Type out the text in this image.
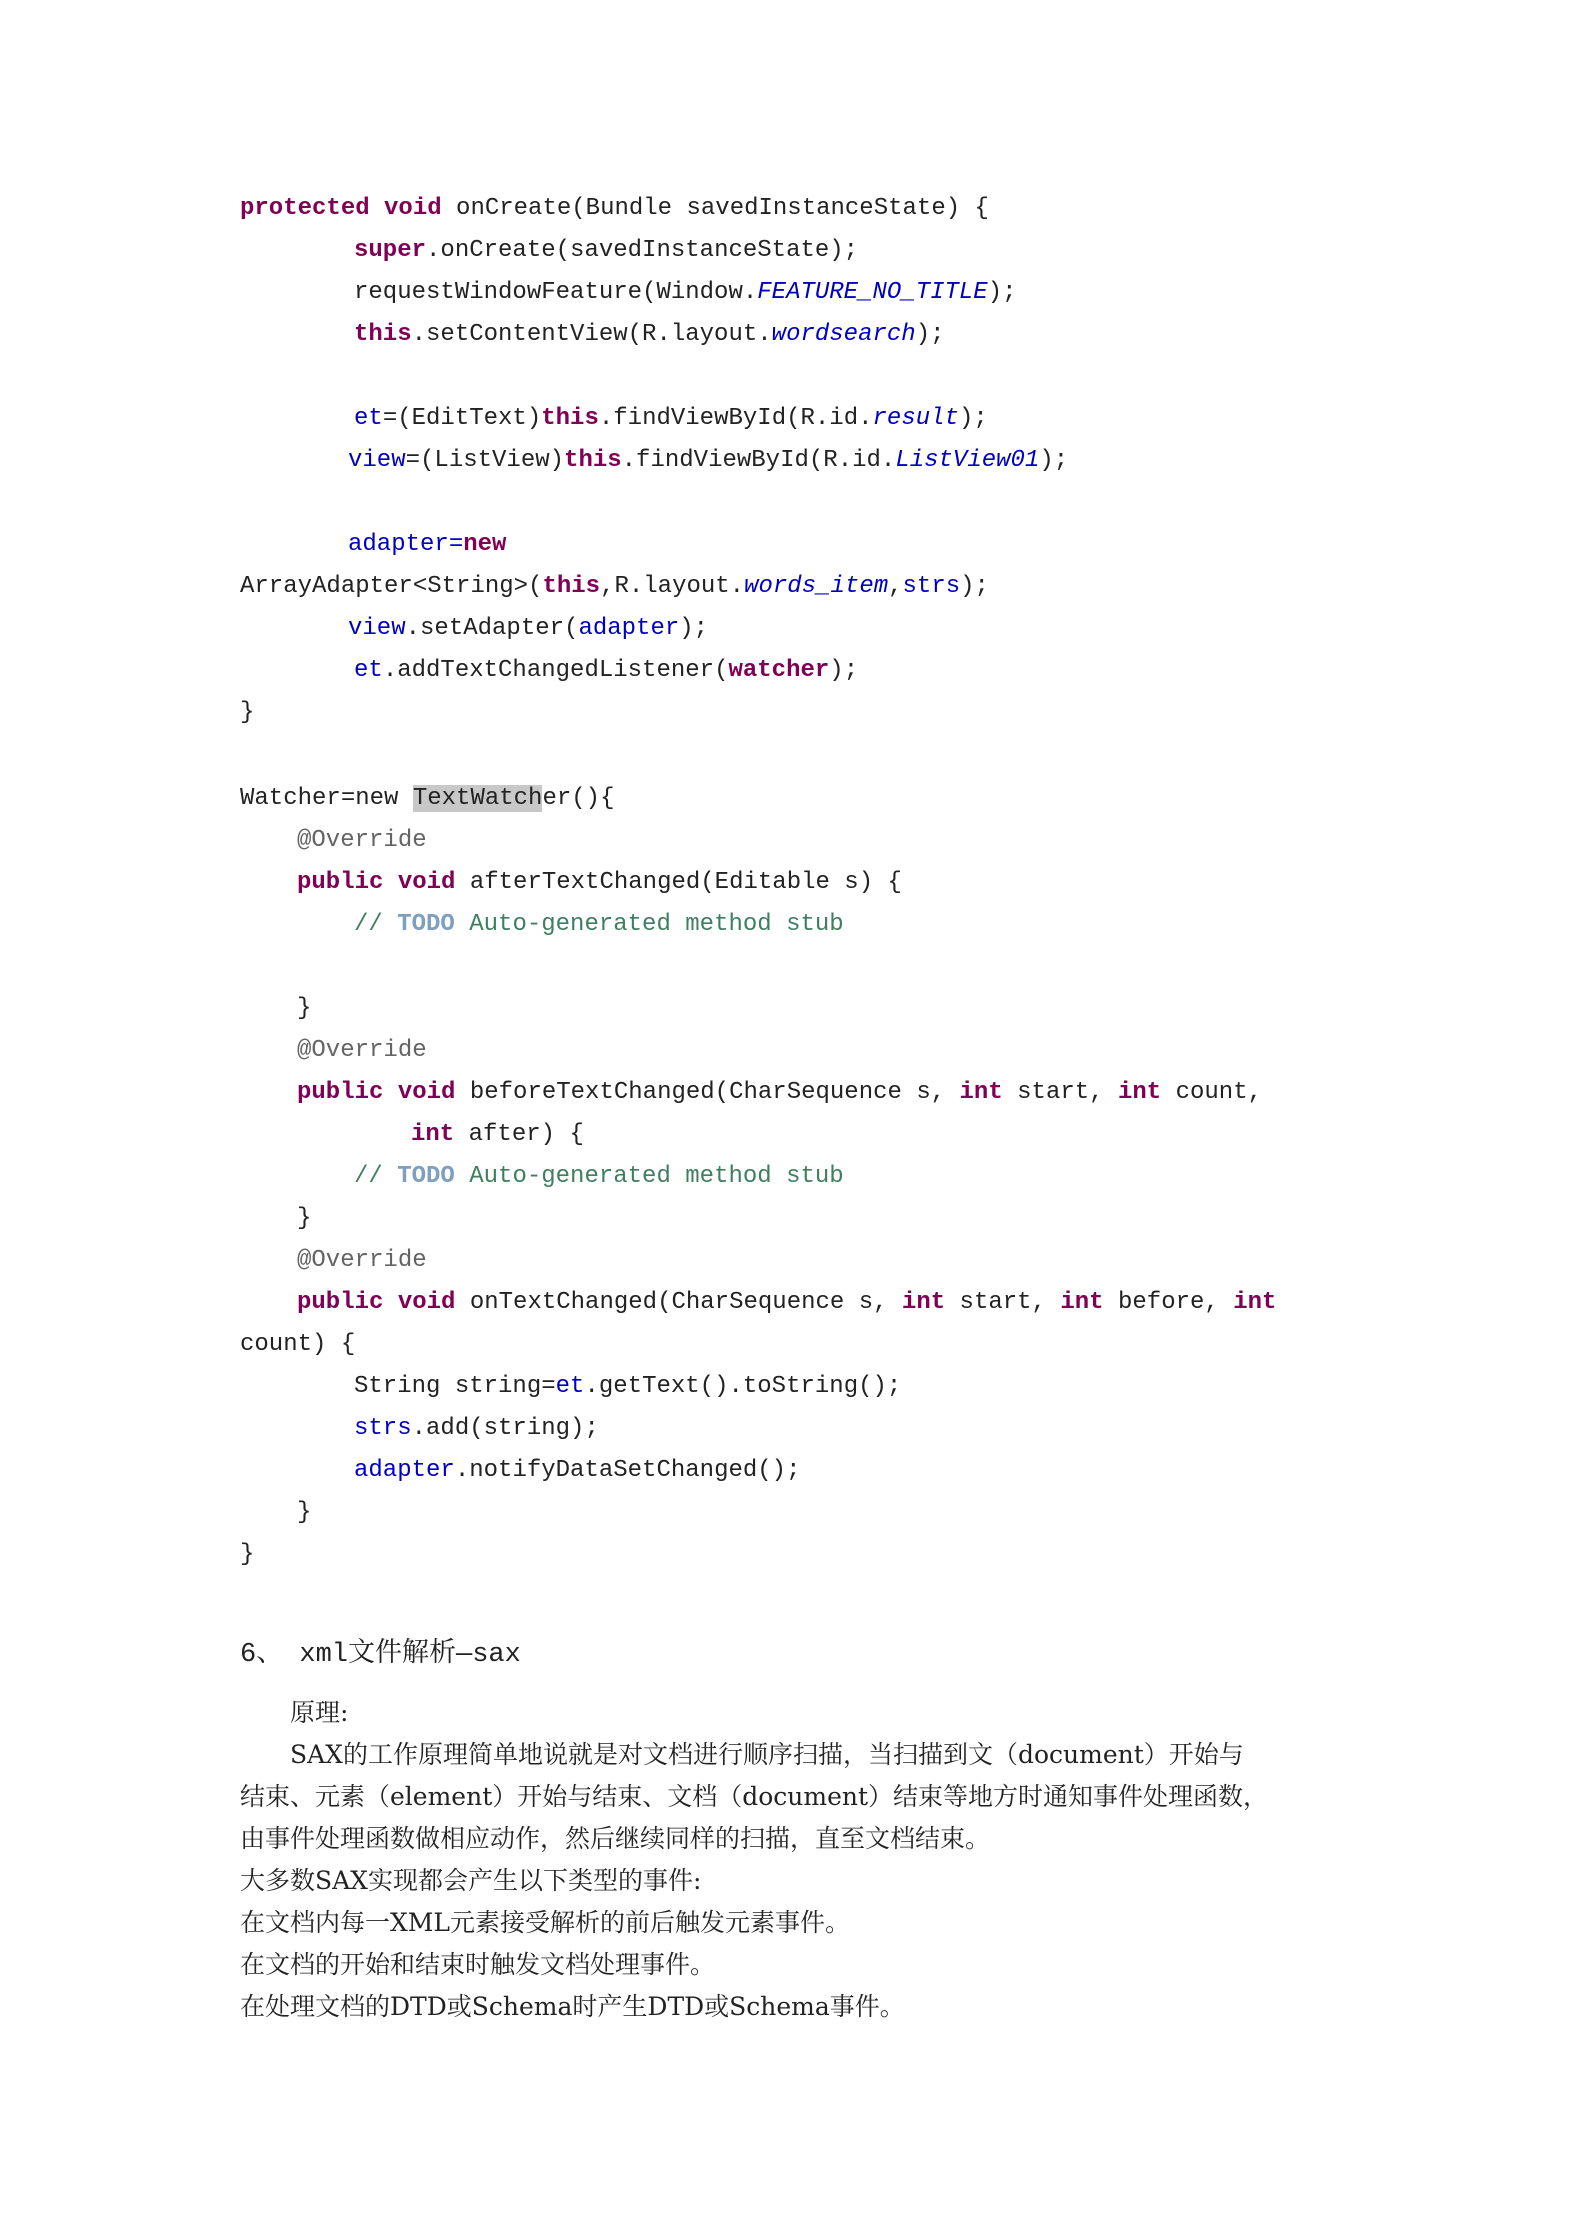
protected void onCreate(Bundle savedInstanceState) {
super.onCreate(savedInstanceState);
requestWindowFeature(Window.FEATURE_NO_TITLE);
this.setContentView(R.layout.wordsearch);
et=(EditText)this.findViewById(R.id.result);
view=(ListView)this.findViewById(R.id.ListView01);
adapter=new
ArrayAdapter<String>(this,R.layout.words_item,strs);
view.setAdapter(adapter);
et.addTextChangedListener(watcher);
}
Watcher=new TextWatcher(){
@Override
public void afterTextChanged(Editable s) {
// TODO Auto-generated method stub
}
@Override
public void beforeTextChanged(CharSequence s, int start, int count,
int after) {
// TODO Auto-generated method stub
}
@Override
public void onTextChanged(CharSequence s, int start, int before, int
count) {
String string=et.getText().toString();
strs.add(string);
adapter.notifyDataSetChanged();
}
}
6、 xml文件解析—sax
原理:
SAX的工作原理简单地说就是对文档进行顺序扫描，当扫描到文（document）开始与
结束、元素（element）开始与结束、文档（document）结束等地方时通知事件处理函数，
由事件处理函数做相应动作，然后继续同样的扫描，直至文档结束。
大多数SAX实现都会产生以下类型的事件:
在文档内每一XML元素接受解析的前后触发元素事件。
在文档的开始和结束时触发文档处理事件。
在处理文档的DTD或Schema时产生DTD或Schema事件。
